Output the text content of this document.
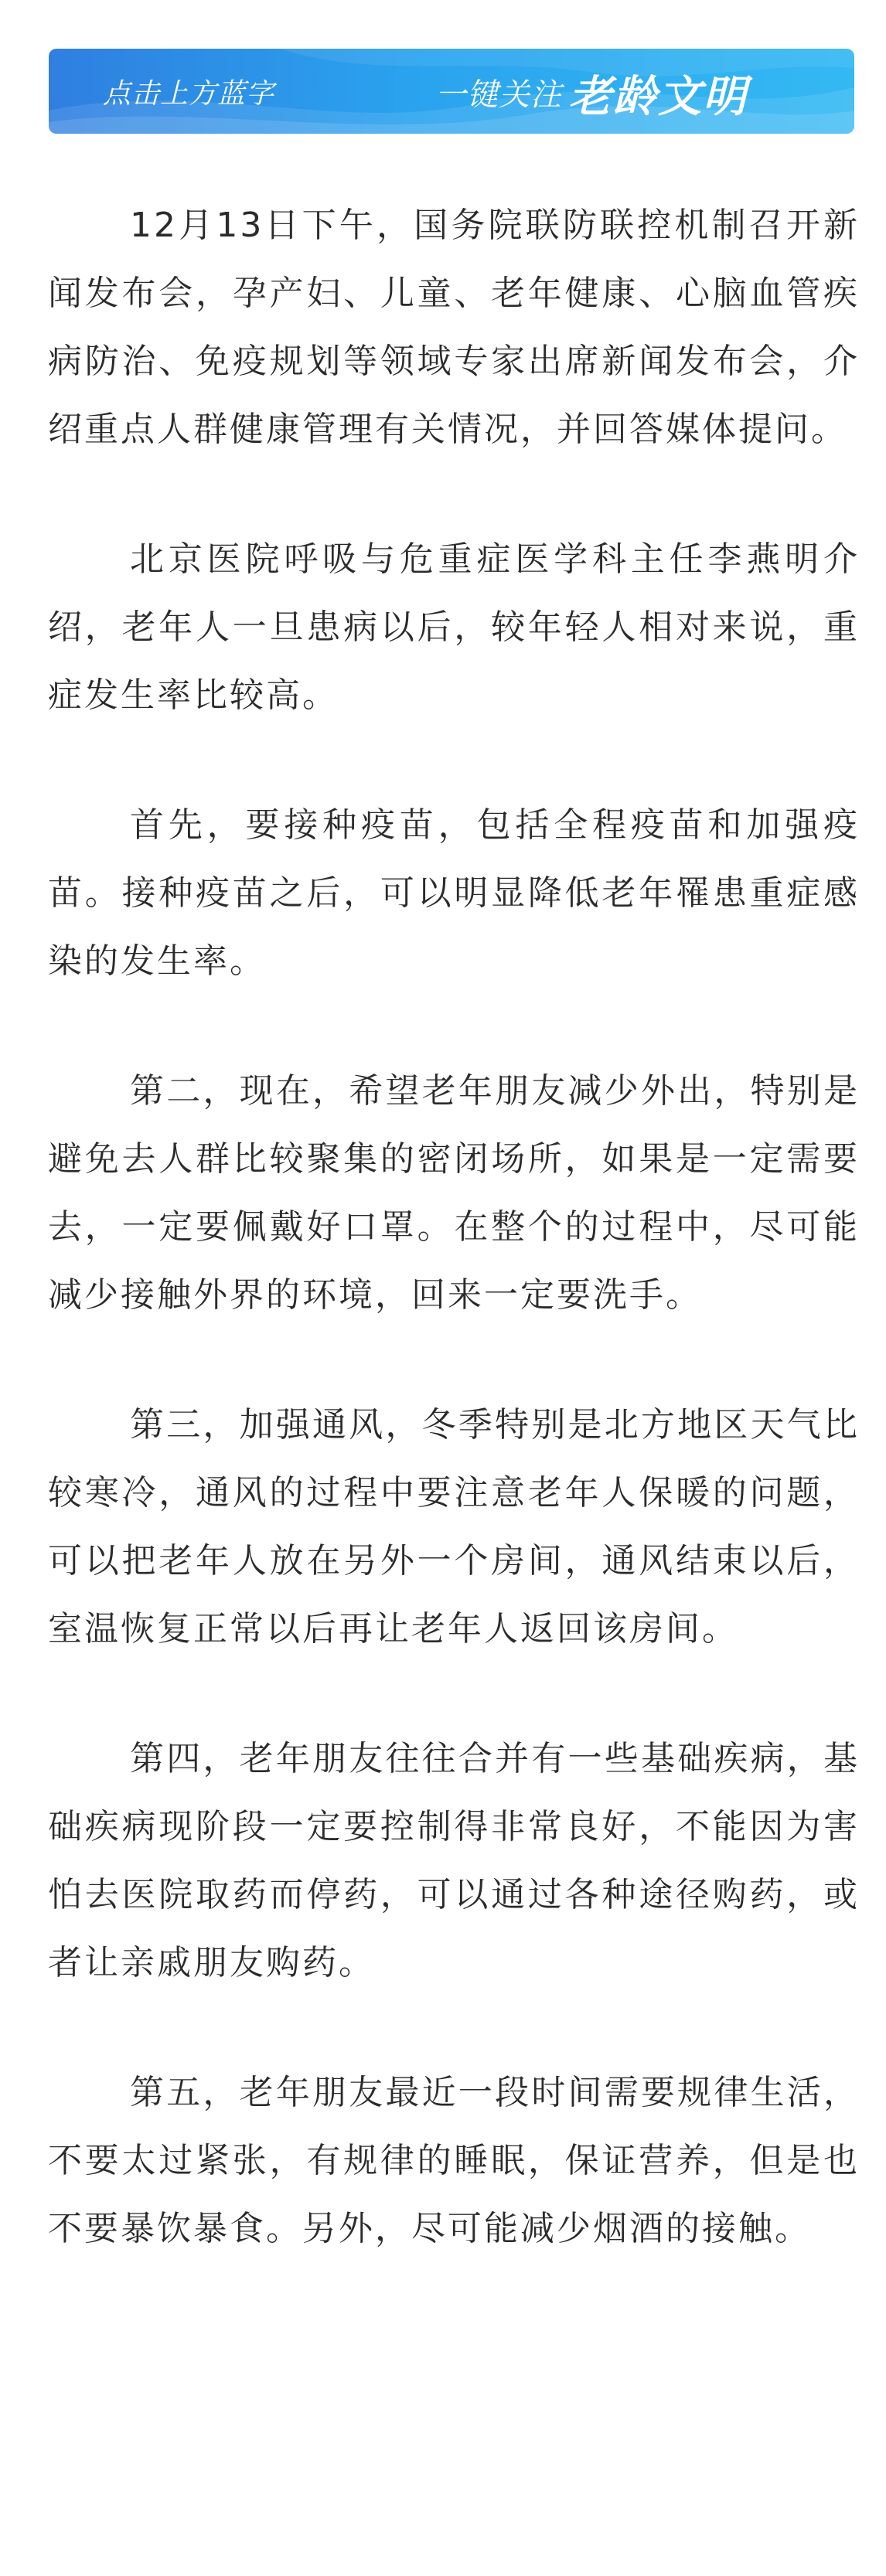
点击上方蓝字	一键关注 老龄文明

12月13日下午，国务院联防联控机制召开新闻发布会，孕产妇、儿童、老年健康、心脑血管疾病防治、免疫规划等领域专家出席新闻发布会，介绍重点人群健康管理有关情况，并回答媒体提问。

北京医院呼吸与危重症医学科主任李燕明介绍，老年人一旦患病以后，较年轻人相对来说，重症发生率比较高。

首先，要接种疫苗，包括全程疫苗和加强疫苗。接种疫苗之后，可以明显降低老年罹患重症感染的发生率。

第二，现在，希望老年朋友减少外出，特别是避免去人群比较聚集的密闭场所，如果是一定需要去，一定要佩戴好口罩。在整个的过程中，尽可能减少接触外界的环境，回来一定要洗手。

第三，加强通风，冬季特别是北方地区天气比较寒冷，通风的过程中要注意老年人保暖的问题，可以把老年人放在另外一个房间，通风结束以后，室温恢复正常以后再让老年人返回该房间。

第四，老年朋友往往合并有一些基础疾病，基础疾病现阶段一定要控制得非常良好，不能因为害怕去医院取药而停药，可以通过各种途径购药，或者让亲戚朋友购药。

第五，老年朋友最近一段时间需要规律生活，不要太过紧张，有规律的睡眠，保证营养，但是也不要暴饮暴食。另外，尽可能减少烟酒的接触。
